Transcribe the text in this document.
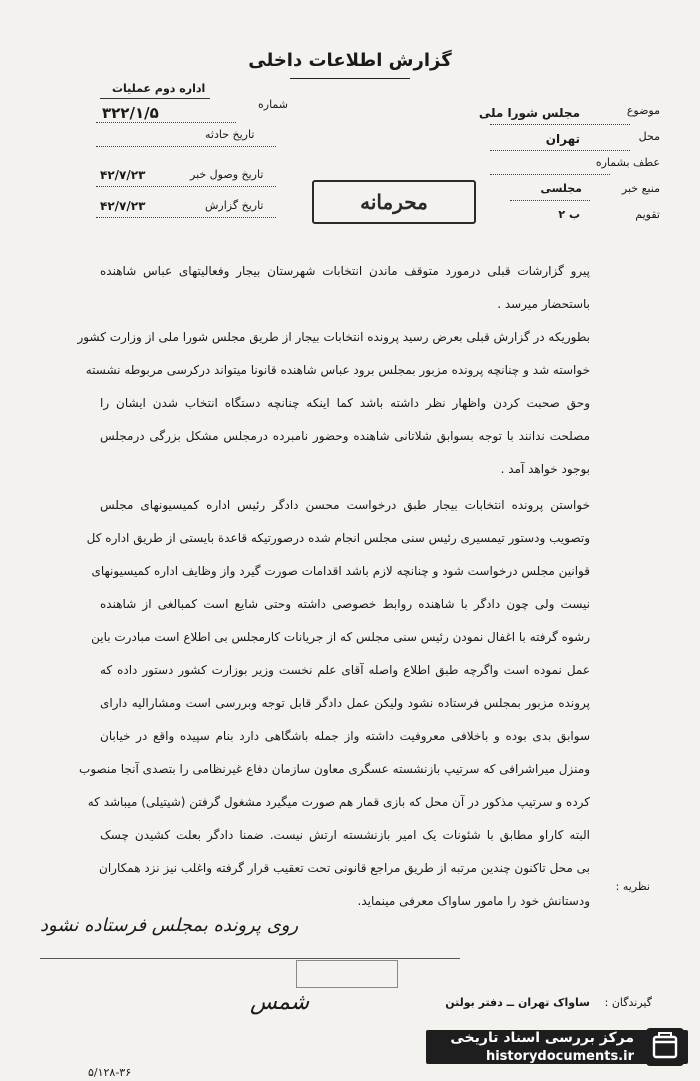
گزارش اطلاعات داخلی
اداره دوم عملیات
شماره
۳۲۲/۱/۵
تاریخ حادثه
تاریخ وصول خبر
۴۲/۷/۲۳
تاریخ گزارش
۴۲/۷/۲۳	محرمانه
موضوع
مجلس شورا ملی
محل
تهران
عطف بشماره
منبع خبر
مجلسی
تقویم
ب ۲
پیرو گزارشات قبلی درمورد متوقف ماندن انتخابات شهرستان بیجار وفعالیتهای عباس شاهنده
باستحضار میرسد .
بطوریکه در گزارش قبلی بعرض رسید پرونده انتخابات بیجار از طریق مجلس شورا ملی از وزارت کشور
خواسته شد و چنانچه پرونده مزبور بمجلس برود عباس شاهنده قانونا میتواند درکرسی مربوطه نشسته
وحق صحبت کردن واظهار نظر داشته باشد کما اینکه چنانچه دستگاه انتخاب شدن ایشان را
مصلحت ندانند با توجه بسوابق شلاتانی شاهنده وحضور نامبرده درمجلس مشکل بزرگی درمجلس
بوجود خواهد آمد .
خواستن پرونده انتخابات بیجار طبق درخواست محسن دادگر رئیس اداره کمیسیونهای مجلس
وتصویب ودستور تیمسیری رئیس سنی مجلس انجام شده درصورتیکه قاعدة بایستی از طریق اداره کل
قوانین مجلس درخواست شود و چنانچه لازم باشد اقدامات صورت گیرد واز وظایف اداره کمیسیونهای
نیست ولی چون دادگر با شاهنده روابط خصوصی داشته وحتی شایع است کمبالغی از شاهنده
رشوه گرفته با اغفال نمودن رئیس سنی مجلس که از جریانات کارمجلس بی اطلاع است مبادرت باین
عمل نموده است واگرچه طبق اطلاع واصله آقای علم نخست وزیر بوزارت کشور دستور داده که
پرونده مزبور بمجلس فرستاده نشود ولیکن عمل دادگر قابل توجه وبررسی است ومشارالیه دارای
سوابق بدی بوده و باخلافی معروفیت داشته واز جمله باشگاهی دارد بنام سپیده واقع در خیابان
ومنزل میراشرافی که سرتیپ بازنشسته عسگری معاون سازمان دفاع غیرنظامی را بتصدی آنجا منصوب
کرده و سرتیپ مذکور در آن محل که بازی قمار هم صورت میگیرد مشغول گرفتن (شیتیلی) میباشد که
البته کاراو مطابق با شئونات یک امیر بازنشسته ارتش نیست. ضمنا دادگر بعلت کشیدن چسک
بی محل تاکنون چندین مرتبه از طریق مراجع قانونی تحت تعقیب قرار گرفته واغلب نیز نزد همکاران
ودستانش خود را مامور ساواک معرفی مینماید.
نظریه :
روی پرونده بمجلس فرستاده نشود
شمس	گیرندگان :
ساواک تهران ــ دفتر بولتن
۵/۱۲۸-۳۶
مرکز بررسی اسناد تاریخی
historydocuments.ir
